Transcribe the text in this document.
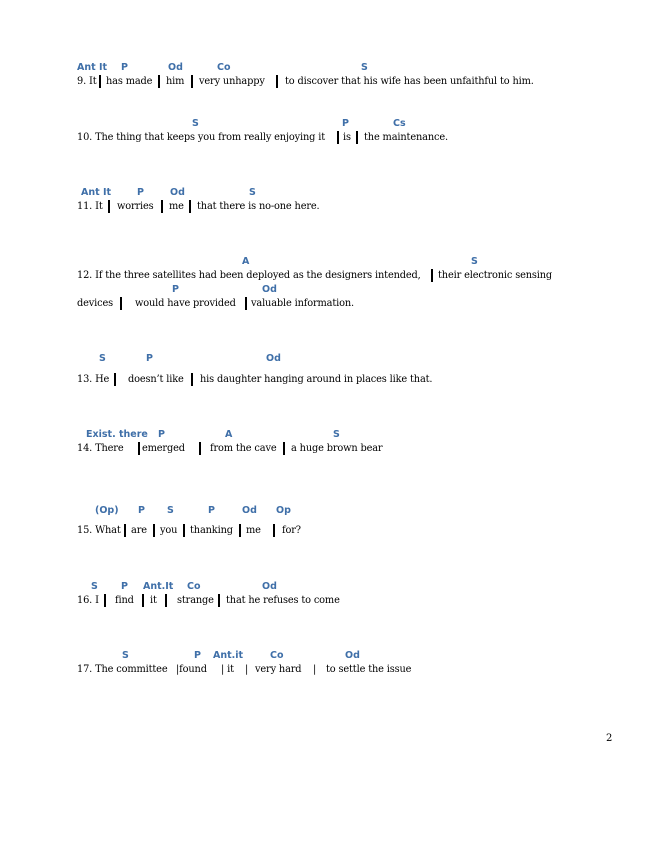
Ant It P	Od	Co	S
9. It has made him very unhappy to discover that his wife has been unfaithful to him.
S	P	Cs
10. The thing that keeps you from really enjoying it is the maintenance.
Ant It	P	Od	S
11. It worries me that there is no-one here.
A	S
12. If the three satellites had been deployed as the designers intended, their electronic sensing
P	Od
devices would have provided valuable information.
S	P	Od
13. He doesn’t like his daughter hanging around in places like that.
Exist. there P	A	S
14. There emerged	from the cave a huge brown bear
(Op) P S	P	Od Op
15. What are you thanking me for?
S P Ant.It Co	Od
16. I find it strange that he refuses to come
S	P Ant.it	Co	Od
17. The committee |found | it | very hard | to settle the issue
2
